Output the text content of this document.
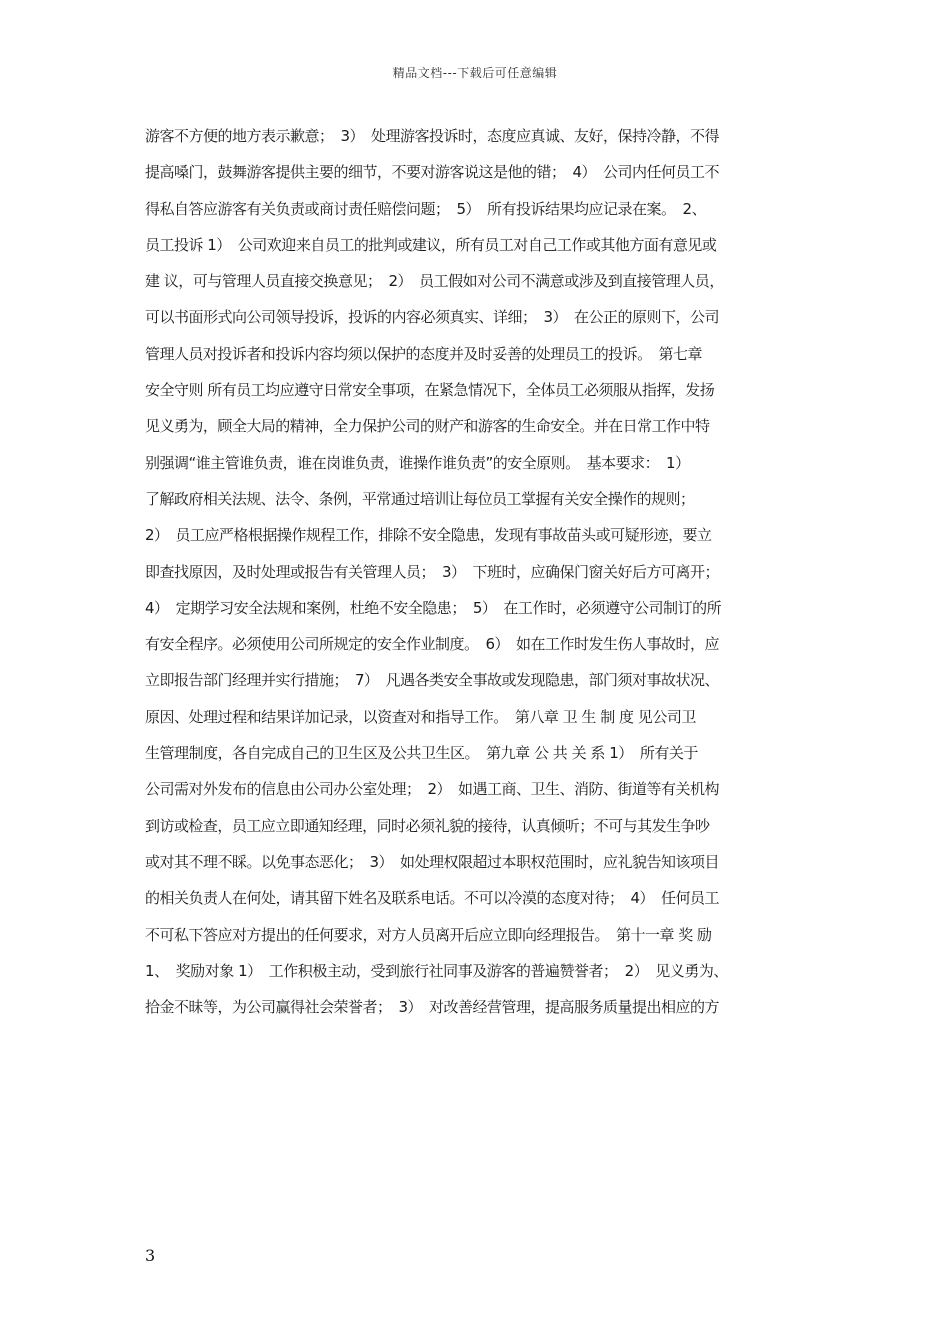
精品文档---下载后可任意编辑
游客不方便的地方表示歉意；　3）　处理游客投诉时，态度应真诚、友好，保持冷静，不得
提高嗓门，鼓舞游客提供主要的细节，不要对游客说这是他的错；　4）　公司内任何员工不
得私自答应游客有关负责或商讨责任赔偿问题；　5）　所有投诉结果均应记录在案。　2、
员工投诉 1）　公司欢迎来自员工的批判或建议，所有员工对自己工作或其他方面有意见或
建 议，可与管理人员直接交换意见；　2）　员工假如对公司不满意或涉及到直接管理人员，
可以书面形式向公司领导投诉，投诉的内容必须真实、详细；　3）　在公正的原则下，公司
管理人员对投诉者和投诉内容均须以保护的态度并及时妥善的处理员工的投诉。　第七章
安全守则 所有员工均应遵守日常安全事项，在紧急情况下，全体员工必须服从指挥，发扬
见义勇为，顾全大局的精神，全力保护公司的财产和游客的生命安全。并在日常工作中特
别强调“谁主管谁负责，谁在岗谁负责，谁操作谁负责”的安全原则。　基本要求：　1）
了解政府相关法规、法令、条例，平常通过培训让每位员工掌握有关安全操作的规则；
2）　员工应严格根据操作规程工作，排除不安全隐患，发现有事故苗头或可疑形迹，要立
即查找原因，及时处理或报告有关管理人员；　3）　下班时，应确保门窗关好后方可离开；
4）　定期学习安全法规和案例，杜绝不安全隐患；　5）　在工作时，必须遵守公司制订的所
有安全程序。必须使用公司所规定的安全作业制度。　6）　如在工作时发生伤人事故时，应
立即报告部门经理并实行措施；　7）　凡遇各类安全事故或发现隐患，部门须对事故状况、
原因、处理过程和结果详加记录，以资查对和指导工作。　第八章 卫 生 制 度 见公司卫
生管理制度，各自完成自己的卫生区及公共卫生区。　第九章 公 共 关 系 1）　所有关于
公司需对外发布的信息由公司办公室处理；　2）　如遇工商、卫生、消防、街道等有关机构
到访或检查，员工应立即通知经理，同时必须礼貌的接待，认真倾听；不可与其发生争吵
或对其不理不睬。以免事态恶化；　3）　如处理权限超过本职权范围时，应礼貌告知该项目
的相关负责人在何处，请其留下姓名及联系电话。不可以冷漠的态度对待；　4）　任何员工
不可私下答应对方提出的任何要求，对方人员离开后应立即向经理报告。　第十一章 奖 励
1、　奖励对象 1）　工作积极主动，受到旅行社同事及游客的普遍赞誉者；　2）　见义勇为、
拾金不昧等，为公司赢得社会荣誉者；　3）　对改善经营管理，提高服务质量提出相应的方
3
